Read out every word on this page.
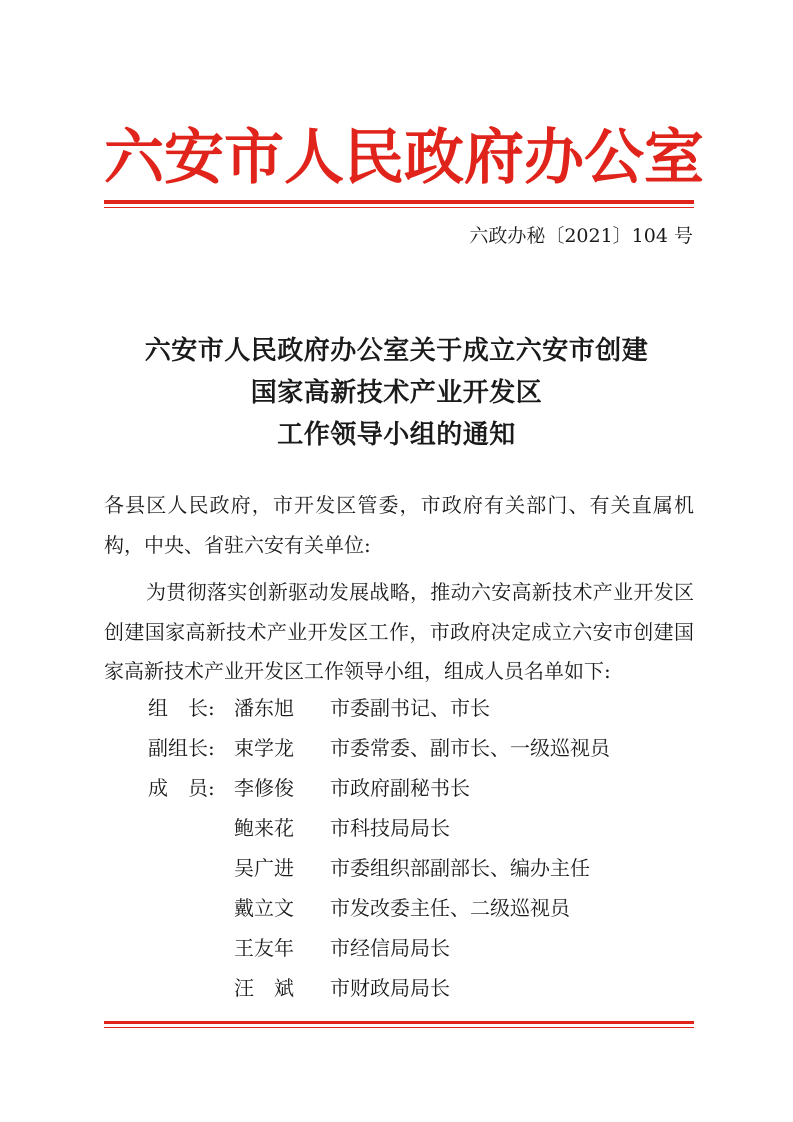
六 安 市 人 民 政 府 办 公 室
六政办秘〔2021〕104 号
六安市人民政府办公室关于成立六安市创建
国家高新技术产业开发区
工作领导小组的通知
各县区人民政府，市开发区管委，市政府有关部门、有关直属机构，中央、省驻六安有关单位:
为贯彻落实创新驱动发展战略，推动六安高新技术产业开发区创建国家高新技术产业开发区工作，市政府决定成立六安市创建国家高新技术产业开发区工作领导小组，组成人员名单如下:
组　长: 潘东旭	市委副书记、市长
副组长: 束学龙	市委常委、副市长、一级巡视员
成　员: 李修俊	市政府副秘书长
鲍来花	市科技局局长
吴广进	市委组织部副部长、编办主任
戴立文	市发改委主任、二级巡视员
王友年	市经信局局长
汪　斌	市财政局局长
